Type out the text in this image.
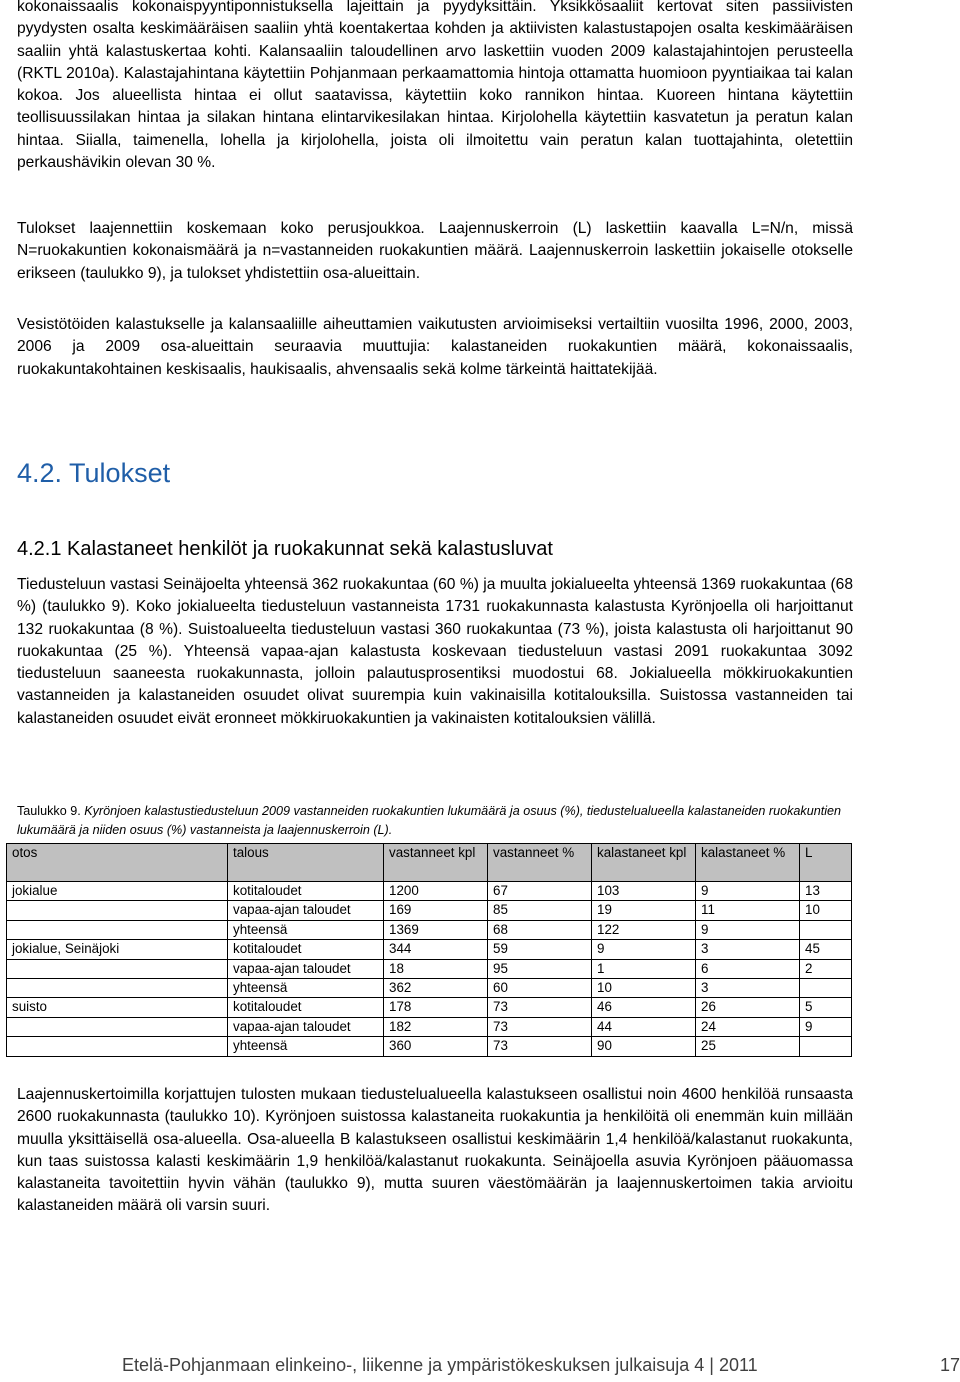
kokonaissaalis kokonaispyyntiponnistuksella lajeittain ja pyydyksittäin. Yksikkösaaliit kertovat siten passiivisten pyydysten osalta keskimääräisen saaliin yhtä koentakertaa kohden ja aktiivisten kalastustapojen osalta keskimääräisen saaliin yhtä kalastuskertaa kohti. Kalansaaliin taloudellinen arvo laskettiin vuoden 2009 kalastajahintojen perusteella (RKTL 2010a). Kalastajahintana käytettiin Pohjanmaan perkaamattomia hintoja ottamatta huomioon pyyntiaikaa tai kalan kokoa. Jos alueellista hintaa ei ollut saatavissa, käytettiin koko rannikon hintaa. Kuoreen hintana käytettiin teollisuussilakan hintaa ja silakan hintana elintarvikesilakan hintaa. Kirjolohella käytettiin kasvatetun ja peratun kalan hintaa. Siialla, taimenella, lohella ja kirjolohella, joista oli ilmoitettu vain peratun kalan tuottajahinta, oletettiin perkaushävikin olevan 30 %.

Tulokset laajennettiin koskemaan koko perusjoukkoa. Laajennuskerroin (L) laskettiin kaavalla L=N/n, missä N=ruokakuntien kokonaismäärä ja n=vastanneiden ruokakuntien määrä. Laajennuskerroin laskettiin jokaiselle otokselle erikseen (taulukko 9), ja tulokset yhdistettiin osa-alueittain.

Vesistötöiden kalastukselle ja kalansaaliille aiheuttamien vaikutusten arvioimiseksi vertailtiin vuosilta 1996, 2000, 2003, 2006 ja 2009 osa-alueittain seuraavia muuttujia: kalastaneiden ruokakuntien määrä, kokonaissaalis, ruokakuntakohtainen keskisaalis, haukisaalis, ahvensaalis sekä kolme tärkeintä haittatekijää.

4.2. Tulokset
4.2.1 Kalastaneet henkilöt ja ruokakunnat sekä kalastusluvat

Tiedusteluun vastasi Seinäjoelta yhteensä 362 ruokakuntaa (60 %) ja muulta jokialueelta yhteensä 1369 ruokakuntaa (68 %) (taulukko 9). Koko jokialueelta tiedusteluun vastanneista 1731 ruokakunnasta kalastusta Kyrönjoella oli harjoittanut 132 ruokakuntaa (8 %). Suistoalueelta tiedusteluun vastasi 360 ruokakuntaa (73 %), joista kalastusta oli harjoittanut 90 ruokakuntaa (25 %). Yhteensä vapaa-ajan kalastusta koskevaan tiedusteluun vastasi 2091 ruokakuntaa 3092 tiedusteluun saaneesta ruokakunnasta, jolloin palautusprosentiksi muodostui 68. Jokialueella mökkiruokakuntien vastanneiden ja kalastaneiden osuudet olivat suurempia kuin vakinaisilla kotitalouksilla. Suistossa vastanneiden tai kalastaneiden osuudet eivät eronneet mökkiruokakuntien ja vakinaisten kotitalouksien välillä.

Taulukko 9. Kyrönjoen kalastustiedusteluun 2009 vastanneiden ruokakuntien lukumäärä ja osuus (%), tiedustelualueella kalastaneiden ruokakuntien lukumäärä ja niiden osuus (%) vastanneista ja laajennuskerroin (L).

otos	talous	vastanneet kpl	vastanneet %	kalastaneet kpl	kalastaneet %	L
jokialue	kotitaloudet	1200	67	103	9	13
	vapaa-ajan taloudet	169	85	19	11	10
	yhteensä	1369	68	122	9	
jokialue, Seinäjoki	kotitaloudet	344	59	9	3	45
	vapaa-ajan taloudet	18	95	1	6	2
	yhteensä	362	60	10	3	
suisto	kotitaloudet	178	73	46	26	5
	vapaa-ajan taloudet	182	73	44	24	9
	yhteensä	360	73	90	25	

Laajennuskertoimilla korjattujen tulosten mukaan tiedustelualueella kalastukseen osallistui noin 4600 henkilöä runsaasta 2600 ruokakunnasta (taulukko 10). Kyrönjoen suistossa kalastaneita ruokakuntia ja henkilöitä oli enemmän kuin millään muulla yksittäisellä osa-alueella. Osa-alueella B kalastukseen osallistui keskimäärin 1,4 henkilöä/kalastanut ruokakunta, kun taas suistossa kalasti keskimäärin 1,9 henkilöä/kalastanut ruokakunta. Seinäjoella asuvia Kyrönjoen pääuomassa kalastaneita tavoitettiin hyvin vähän (taulukko 9), mutta suuren väestömäärän ja laajennuskertoimen takia arvioitu kalastaneiden määrä oli varsin suuri.

Etelä-Pohjanmaan elinkeino-, liikenne ja ympäristökeskuksen julkaisuja 4 | 2011	17
